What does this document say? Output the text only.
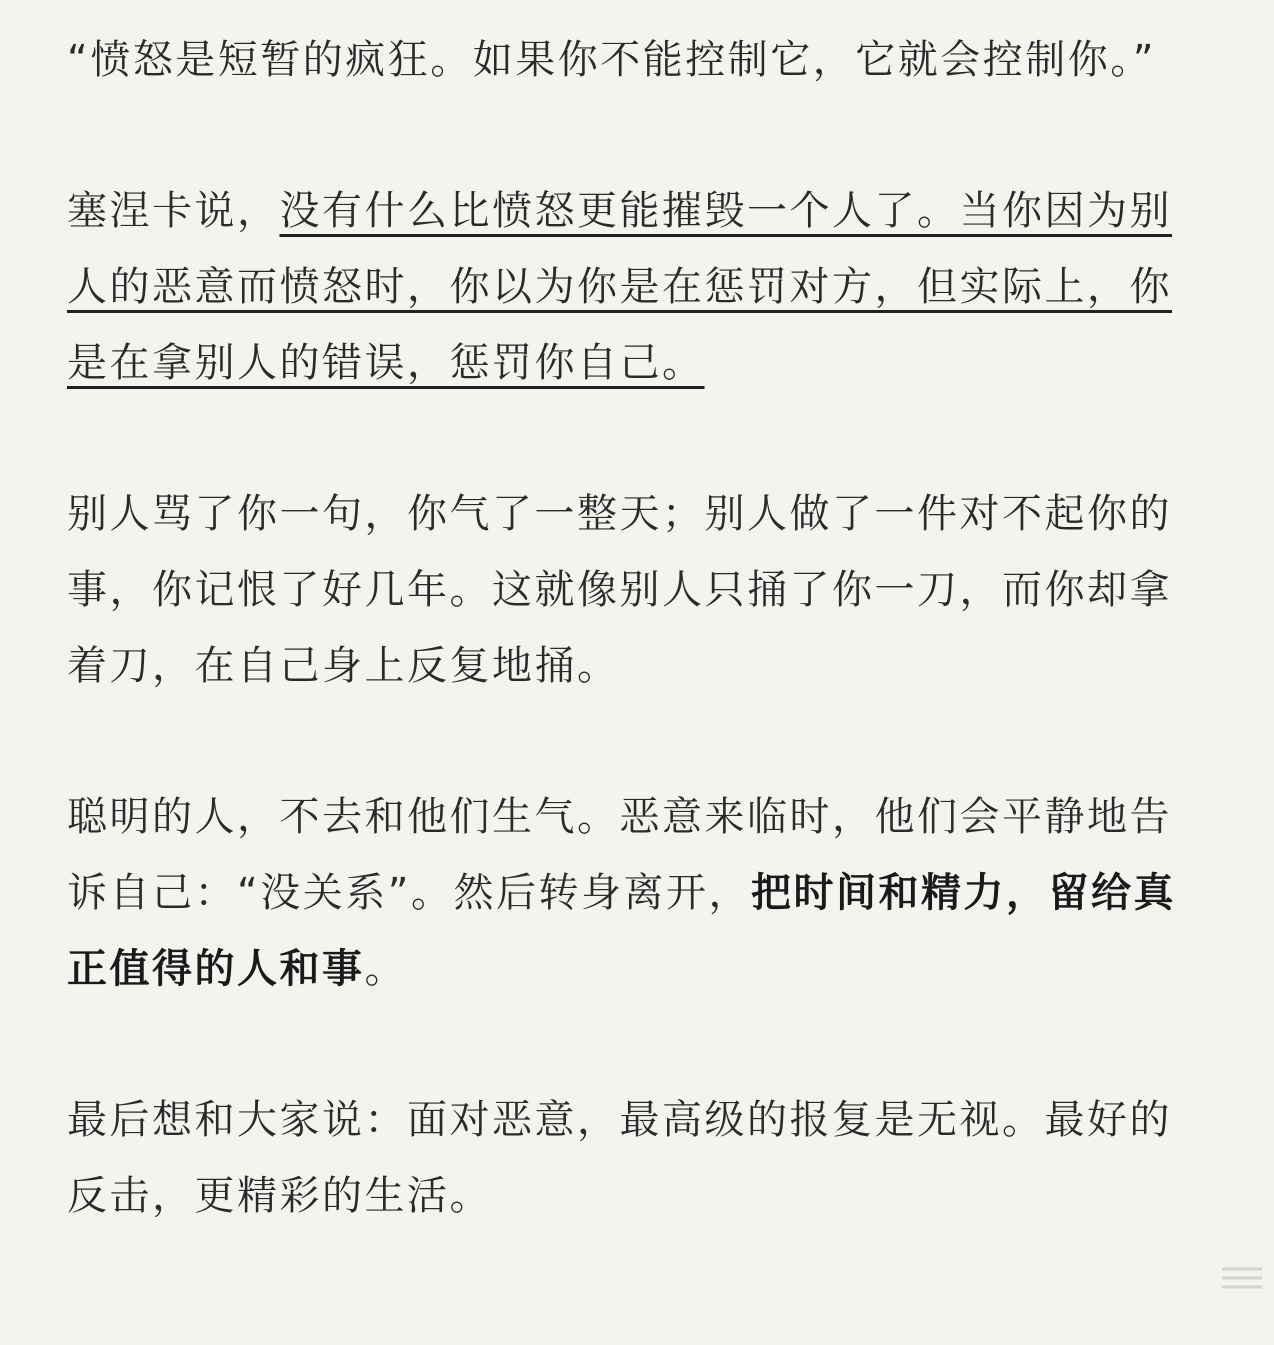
“愤怒是短暂的疯狂。如果你不能控制它，它就会控制你。”

塞涅卡说，没有什么比愤怒更能摧毁一个人了。当你因为别人的恶意而愤怒时，你以为你是在惩罚对方，但实际上，你是在拿别人的错误，惩罚你自己。

别人骂了你一句，你气了一整天；别人做了一件对不起你的事，你记恨了好几年。这就像别人只捅了你一刀，而你却拿着刀，在自己身上反复地捅。

聪明的人，不去和他们生气。恶意来临时，他们会平静地告诉自己：“没关系”。然后转身离开，把时间和精力，留给真正值得的人和事。

最后想和大家说：面对恶意，最高级的报复是无视。最好的反击，更精彩的生活。
